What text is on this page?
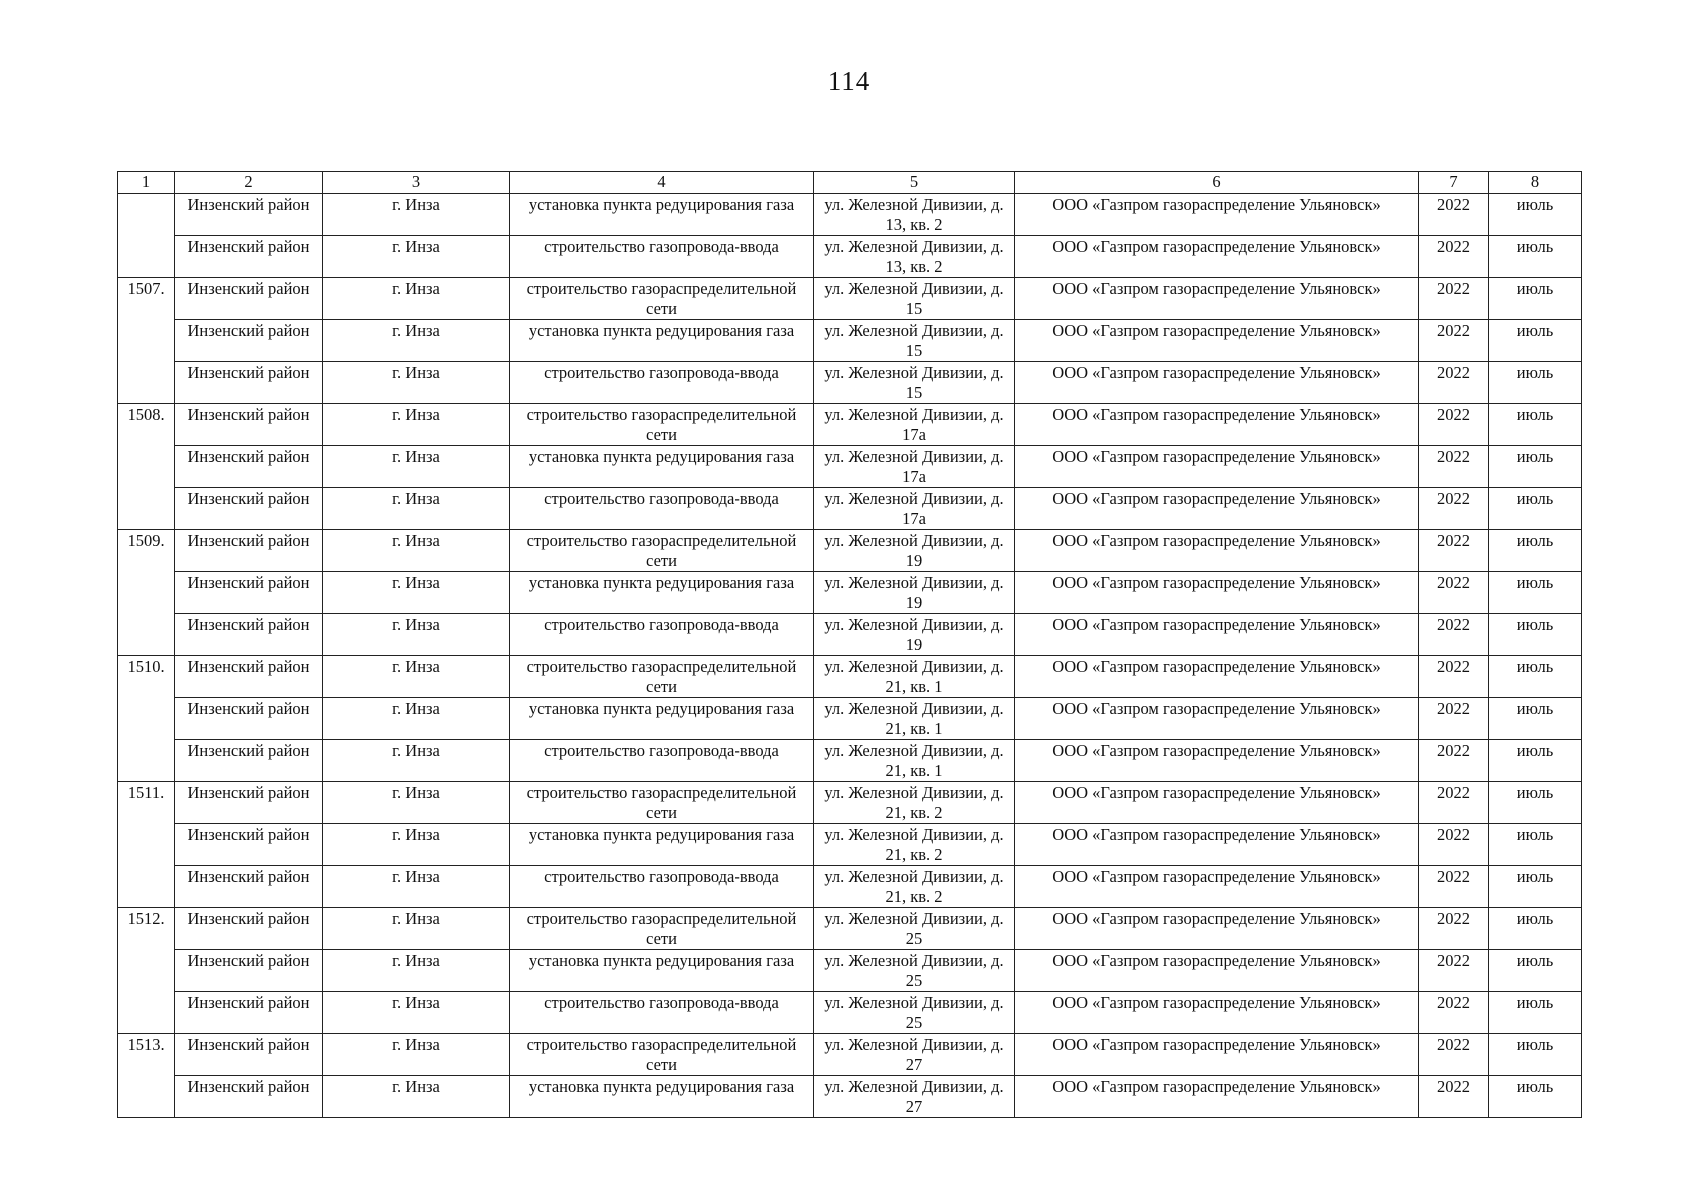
114
1	2	3	4	5	6	7	8
	Инзенский район	г. Инза	установка пункта редуцирования газа	ул. Железной Дивизии, д. 13, кв. 2	ООО «Газпром газораспределение Ульяновск»	2022	июль
	Инзенский район	г. Инза	строительство газопровода-ввода	ул. Железной Дивизии, д. 13, кв. 2	ООО «Газпром газораспределение Ульяновск»	2022	июль
1507.	Инзенский район	г. Инза	строительство газораспределительной сети	ул. Железной Дивизии, д. 15	ООО «Газпром газораспределение Ульяновск»	2022	июль
	Инзенский район	г. Инза	установка пункта редуцирования газа	ул. Железной Дивизии, д. 15	ООО «Газпром газораспределение Ульяновск»	2022	июль
	Инзенский район	г. Инза	строительство газопровода-ввода	ул. Железной Дивизии, д. 15	ООО «Газпром газораспределение Ульяновск»	2022	июль
1508.	Инзенский район	г. Инза	строительство газораспределительной сети	ул. Железной Дивизии, д. 17а	ООО «Газпром газораспределение Ульяновск»	2022	июль
	Инзенский район	г. Инза	установка пункта редуцирования газа	ул. Железной Дивизии, д. 17а	ООО «Газпром газораспределение Ульяновск»	2022	июль
	Инзенский район	г. Инза	строительство газопровода-ввода	ул. Железной Дивизии, д. 17а	ООО «Газпром газораспределение Ульяновск»	2022	июль
1509.	Инзенский район	г. Инза	строительство газораспределительной сети	ул. Железной Дивизии, д. 19	ООО «Газпром газораспределение Ульяновск»	2022	июль
	Инзенский район	г. Инза	установка пункта редуцирования газа	ул. Железной Дивизии, д. 19	ООО «Газпром газораспределение Ульяновск»	2022	июль
	Инзенский район	г. Инза	строительство газопровода-ввода	ул. Железной Дивизии, д. 19	ООО «Газпром газораспределение Ульяновск»	2022	июль
1510.	Инзенский район	г. Инза	строительство газораспределительной сети	ул. Железной Дивизии, д. 21, кв. 1	ООО «Газпром газораспределение Ульяновск»	2022	июль
	Инзенский район	г. Инза	установка пункта редуцирования газа	ул. Железной Дивизии, д. 21, кв. 1	ООО «Газпром газораспределение Ульяновск»	2022	июль
	Инзенский район	г. Инза	строительство газопровода-ввода	ул. Железной Дивизии, д. 21, кв. 1	ООО «Газпром газораспределение Ульяновск»	2022	июль
1511.	Инзенский район	г. Инза	строительство газораспределительной сети	ул. Железной Дивизии, д. 21, кв. 2	ООО «Газпром газораспределение Ульяновск»	2022	июль
	Инзенский район	г. Инза	установка пункта редуцирования газа	ул. Железной Дивизии, д. 21, кв. 2	ООО «Газпром газораспределение Ульяновск»	2022	июль
	Инзенский район	г. Инза	строительство газопровода-ввода	ул. Железной Дивизии, д. 21, кв. 2	ООО «Газпром газораспределение Ульяновск»	2022	июль
1512.	Инзенский район	г. Инза	строительство газораспределительной сети	ул. Железной Дивизии, д. 25	ООО «Газпром газораспределение Ульяновск»	2022	июль
	Инзенский район	г. Инза	установка пункта редуцирования газа	ул. Железной Дивизии, д. 25	ООО «Газпром газораспределение Ульяновск»	2022	июль
	Инзенский район	г. Инза	строительство газопровода-ввода	ул. Железной Дивизии, д. 25	ООО «Газпром газораспределение Ульяновск»	2022	июль
1513.	Инзенский район	г. Инза	строительство газораспределительной сети	ул. Железной Дивизии, д. 27	ООО «Газпром газораспределение Ульяновск»	2022	июль
	Инзенский район	г. Инза	установка пункта редуцирования газа	ул. Железной Дивизии, д. 27	ООО «Газпром газораспределение Ульяновск»	2022	июль
